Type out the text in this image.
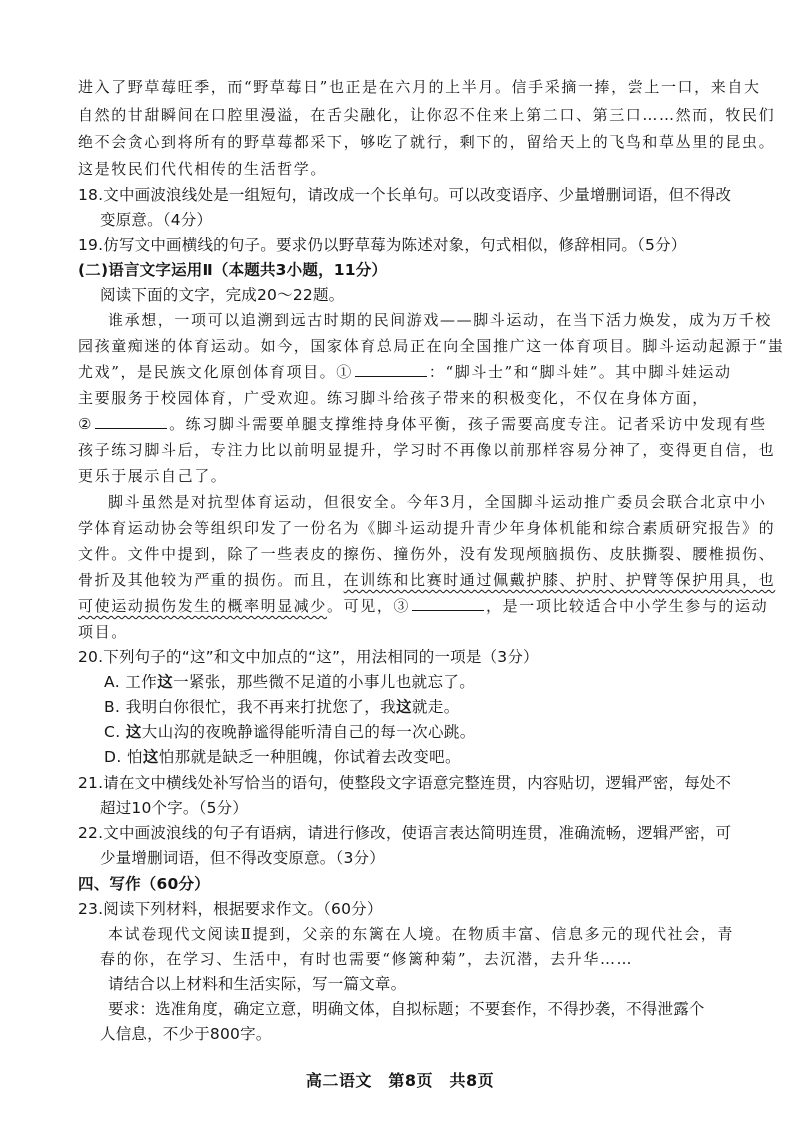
进入了野草莓旺季，而“野草莓日”也正是在六月的上半月。信手采摘一捧，尝上一口，来自大
自然的甘甜瞬间在口腔里漫溢，在舌尖融化，让你忍不住来上第二口、第三口……然而，牧民们
绝不会贪心到将所有的野草莓都采下，够吃了就行，剩下的，留给天上的飞鸟和草丛里的昆虫。
这是牧民们代代相传的生活哲学。
18.文中画波浪线处是一组短句，请改成一个长单句。可以改变语序、少量增删词语，但不得改
变原意。（4分）
19.仿写文中画横线的句子。要求仍以野草莓为陈述对象，句式相似，修辞相同。（5分）
(二)语言文字运用Ⅱ（本题共3小题，11分）
阅读下面的文字，完成20～22题。
谁承想，一项可以追溯到远古时期的民间游戏——脚斗运动，在当下活力焕发，成为万千校
园孩童痴迷的体育运动。如今，国家体育总局正在向全国推广这一体育项目。脚斗运动起源于“蚩
尤戏”，是民族文化原创体育项目。①	：“脚斗士”和“脚斗娃”。其中脚斗娃运动
主要服务于校园体育，广受欢迎。练习脚斗给孩子带来的积极变化，不仅在身体方面，
②	。练习脚斗需要单腿支撑维持身体平衡，孩子需要高度专注。记者采访中发现有些
孩子练习脚斗后，专注力比以前明显提升，学习时不再像以前那样容易分神了，变得更自信，也
更乐于展示自己了。
脚斗虽然是对抗型体育运动，但很安全。今年3月，全国脚斗运动推广委员会联合北京中小
学体育运动协会等组织印发了一份名为《脚斗运动提升青少年身体机能和综合素质研究报告》的
文件。文件中提到，除了一些表皮的擦伤、撞伤外，没有发现颅脑损伤、皮肤撕裂、腰椎损伤、
骨折及其他较为严重的损伤。而且，在训练和比赛时通过佩戴护膝、护肘、护臂等保护用具，也
可使运动损伤发生的概率明显减少。可见，③	，是一项比较适合中小学生参与的运动
项目。
20.下列句子的“这”和文中加点的“这”，用法相同的一项是（3分）
A. 工作这一紧张，那些微不足道的小事儿也就忘了。
B. 我明白你很忙，我不再来打扰您了，我这就走。
C. 这大山沟的夜晚静谧得能听清自己的每一次心跳。
D. 怕这怕那就是缺乏一种胆魄，你试着去改变吧。
21.请在文中横线处补写恰当的语句，使整段文字语意完整连贯，内容贴切，逻辑严密，每处不
超过10个字。（5分）
22.文中画波浪线的句子有语病，请进行修改，使语言表达简明连贯，准确流畅，逻辑严密，可
少量增删词语，但不得改变原意。（3分）
四、写作（60分）
23.阅读下列材料，根据要求作文。（60分）
本试卷现代文阅读Ⅱ提到，父亲的东篱在人境。在物质丰富、信息多元的现代社会，青
春的你，在学习、生活中，有时也需要“修篱种菊”，去沉潜，去升华……
请结合以上材料和生活实际，写一篇文章。
要求：选准角度，确定立意，明确文体，自拟标题；不要套作，不得抄袭，不得泄露个
人信息，不少于800字。
高二语文　第8页　共8页
